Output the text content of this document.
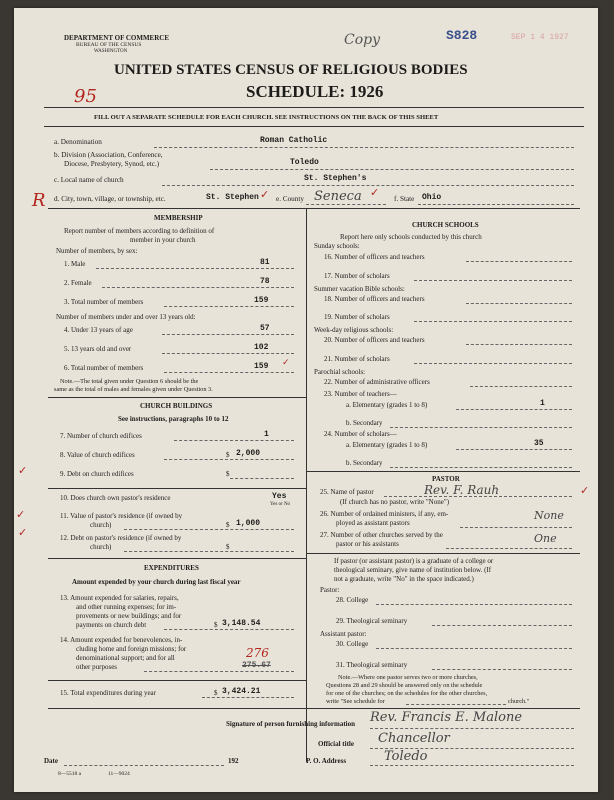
DEPARTMENT OF COMMERCE
BUREAU OF THE CENSUS
WASHINGTON
Copy	S828	SEP 1 4 1927
UNITED STATES CENSUS OF RELIGIOUS BODIES
95	SCHEDULE: 1926
FILL OUT A SEPARATE SCHEDULE FOR EACH CHURCH. SEE INSTRUCTIONS ON THE BACK OF THIS SHEET
a. Denomination	Roman Catholic
b. Division (Association, Conference,
Diocese, Presbytery, Synod, etc.)	Toledo
c. Local name of church	St. Stephen's
R d. City, town, village, or township, etc.	St. Stephen ✓ e. County Seneca ✓ f. State Ohio
MEMBERSHIP
Report number of members according to definition of
member in your church
Number of members, by sex:
1. Male	81
2. Female	78
3. Total number of members	159
Number of members under and over 13 years old:
4. Under 13 years of age	57
5. 13 years old and over	102
6. Total number of members	159 ✓
Note.—The total given under Question 6 should be the
same as the total of males and females given under Question 3.
CHURCH BUILDINGS
See instructions, paragraphs 10 to 12
7. Number of church edifices	1
8. Value of church edifices	$ 2,000
✓	9. Debt on church edifices	$
10. Does church own pastor's residence	Yes
Yes or No
✓	11. Value of pastor's residence (if owned by
church)	$ 1,000
✓	12. Debt on pastor's residence (if owned by
church)	$
EXPENDITURES
Amount expended by your church during last fiscal year
13. Amount expended for salaries, repairs,
and other running expenses; for im-
provements or new buildings; and for
payments on church debt	$ 3,148.54
14. Amount expended for benevolences, in-
cluding home and foreign missions; for
denominational support; and for all
other purposes
276
275.67
15. Total expenditures during year	$ 3,424.21
CHURCH SCHOOLS
Report here only schools conducted by this church
Sunday schools:
16. Number of officers and teachers
17. Number of scholars
Summer vacation Bible schools:
18. Number of officers and teachers
19. Number of scholars
Week-day religious schools:
20. Number of officers and teachers
21. Number of scholars
Parochial schools:
22. Number of administrative officers
23. Number of teachers—
a. Elementary (grades 1 to 8)	1
b. Secondary
24. Number of scholars—
a. Elementary (grades 1 to 8)	35
b. Secondary
PASTOR
25. Name of pastor	Rev. F. Rauh	✓
(If church has no pastor, write "None")
26. Number of ordained ministers, if any, em-
ployed as assistant pastors
None
27. Number of other churches served by the
pastor or his assistants	One
If pastor (or assistant pastor) is a graduate of a college or
theological seminary, give name of institution below. (If
not a graduate, write "No" in the space indicated.)
Pastor:
28. College
29. Theological seminary
Assistant pastor:
30. College
31. Theological seminary
Note.—Where one pastor serves two or more churches,
Questions 28 and 29 should be answered only on the schedule
for one of the churches; on the schedules for the other churches,
write "See schedule for	church."
Signature of person furnishing information Rev. Francis E. Malone
Official title Chancellor
Date	192	P. O. Address	Toledo
8—5518 a	11—9024
